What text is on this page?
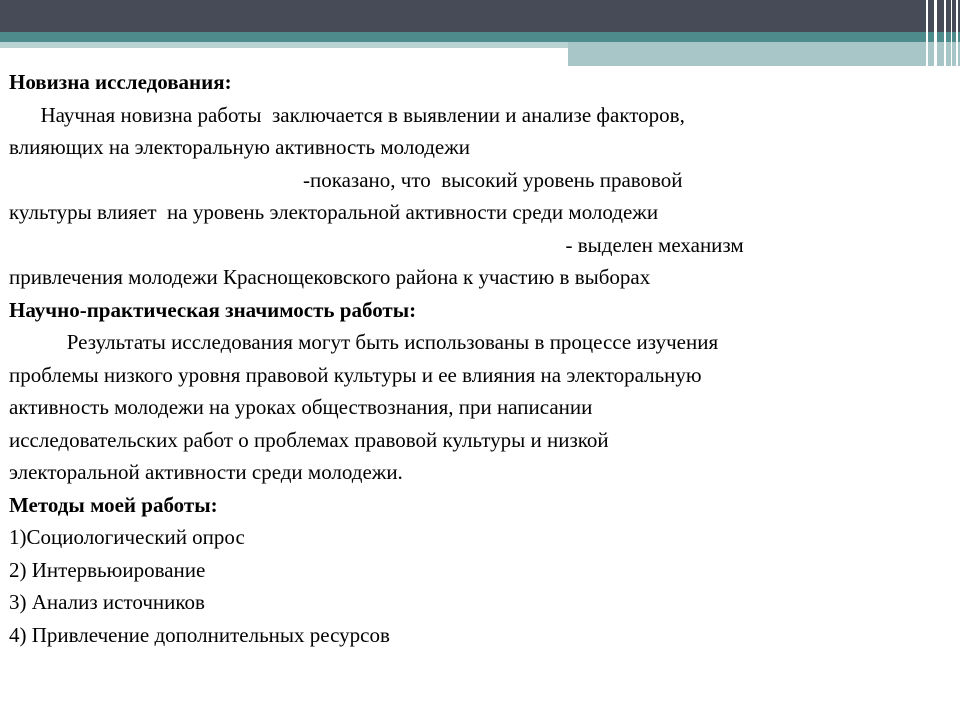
Новизна исследования:
Научная новизна работы  заключается в выявлении и анализе факторов,
влияющих на электоральную активность молодежи
-показано, что  высокий уровень правовой
культуры влияет  на уровень электоральной активности среди молодежи
- выделен механизм
привлечения молодежи Краснощековского района к участию в выборах
Научно-практическая значимость работы:
Результаты исследования могут быть использованы в процессе изучения
проблемы низкого уровня правовой культуры и ее влияния на электоральную
активность молодежи на уроках обществознания, при написании
исследовательских работ о проблемах правовой культуры и низкой
электоральной активности среди молодежи.
Методы моей работы:
1)Социологический опрос
2) Интервьюирование
3) Анализ источников
4) Привлечение дополнительных ресурсов
